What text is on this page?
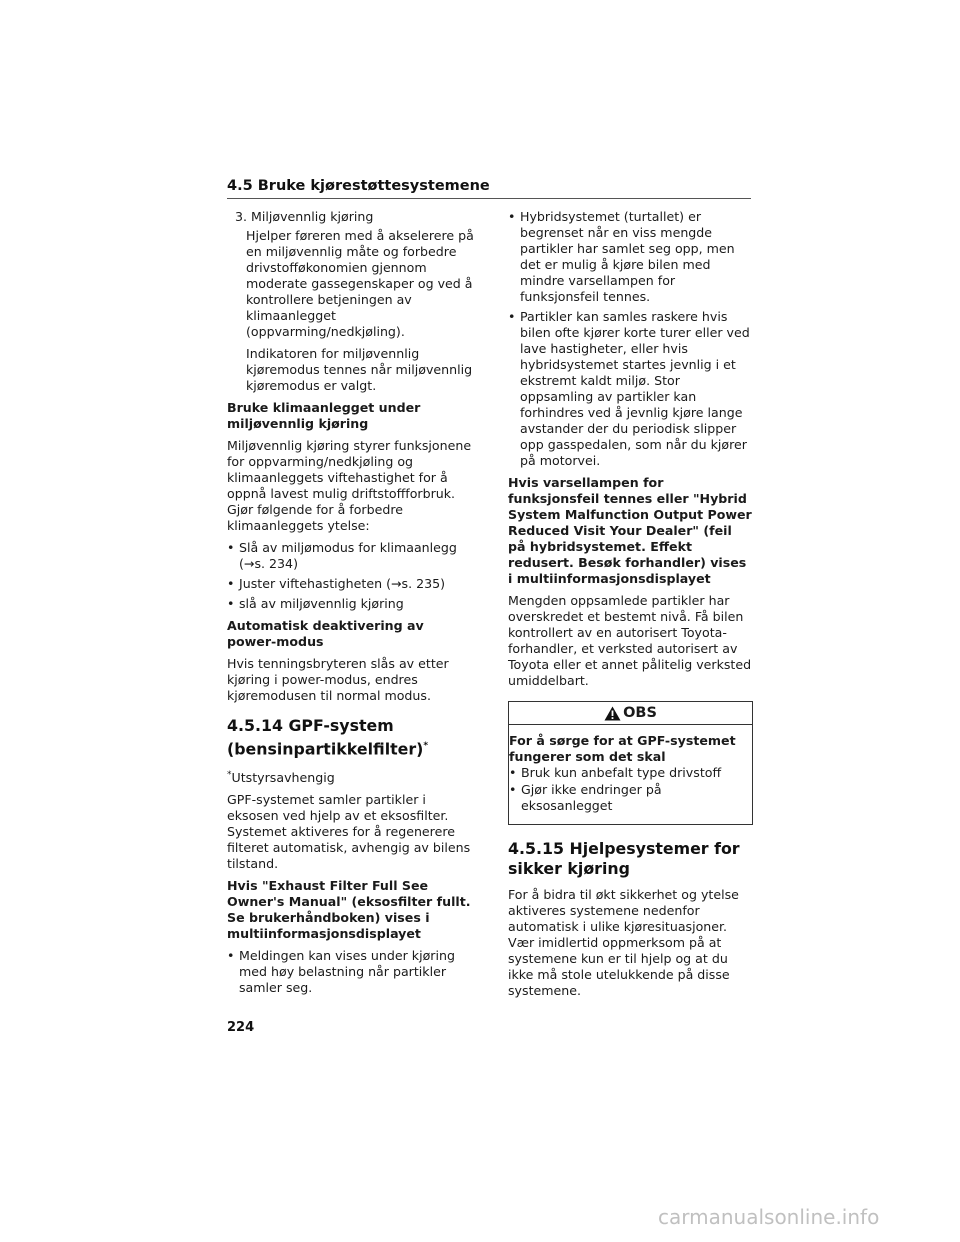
4.5 Bruke kjørestøttesystemene
3. Miljøvennlig kjøring
Hjelper føreren med å akselerere på en miljøvennlig måte og forbedre drivstofføkonomien gjennom moderate gassegenskaper og ved å kontrollere betjeningen av klimaanlegget (oppvarming/nedkjøling).
Indikatoren for miljøvennlig kjøremodus tennes når miljøvennlig kjøremodus er valgt.
Bruke klimaanlegget under miljøvennlig kjøring
Miljøvennlig kjøring styrer funksjonene for oppvarming/nedkjøling og klimaanleggets viftehastighet for å oppnå lavest mulig driftstoffforbruk. Gjør følgende for å forbedre klimaanleggets ytelse:
• Slå av miljømodus for klimaanlegg (→s. 234)
• Juster viftehastigheten (→s. 235)
• slå av miljøvennlig kjøring
Automatisk deaktivering av power-modus
Hvis tenningsbryteren slås av etter kjøring i power-modus, endres kjøremodusen til normal modus.
4.5.14 GPF-system (bensinpartikkelfilter)*
*Utstyrsavhengig
GPF-systemet samler partikler i eksosen ved hjelp av et eksosfilter. Systemet aktiveres for å regenerere filteret automatisk, avhengig av bilens tilstand.
Hvis "Exhaust Filter Full See Owner's Manual" (eksosfilter fullt. Se brukerhåndboken) vises i multiinformasjonsdisplayet
• Meldingen kan vises under kjøring med høy belastning når partikler samler seg.
• Hybridsystemet (turtallet) er begrenset når en viss mengde partikler har samlet seg opp, men det er mulig å kjøre bilen med mindre varsellampen for funksjonsfeil tennes.
• Partikler kan samles raskere hvis bilen ofte kjører korte turer eller ved lave hastigheter, eller hvis hybridsystemet startes jevnlig i et ekstremt kaldt miljø. Stor oppsamling av partikler kan forhindres ved å jevnlig kjøre lange avstander der du periodisk slipper opp gasspedalen, som når du kjører på motorvei.
Hvis varsellampen for funksjonsfeil tennes eller "Hybrid System Malfunction Output Power Reduced Visit Your Dealer" (feil på hybridsystemet. Effekt redusert. Besøk forhandler) vises i multiinformasjonsdisplayet
Mengden oppsamlede partikler har overskredet et bestemt nivå. Få bilen kontrollert av en autorisert Toyota-forhandler, et verksted autorisert av Toyota eller et annet pålitelig verksted umiddelbart.
OBS
For å sørge for at GPF-systemet fungerer som det skal
• Bruk kun anbefalt type drivstoff
• Gjør ikke endringer på eksosanlegget
4.5.15 Hjelpesystemer for sikker kjøring
For å bidra til økt sikkerhet og ytelse aktiveres systemene nedenfor automatisk i ulike kjøresituasjoner. Vær imidlertid oppmerksom på at systemene kun er til hjelp og at du ikke må stole utelukkende på disse systemene.
224
carmanualsonline.info
